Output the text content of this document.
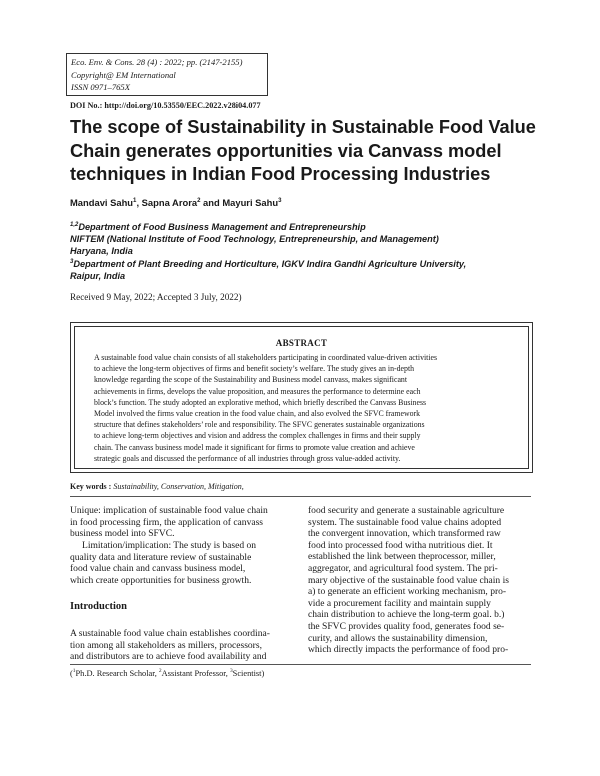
Eco. Env. & Cons. 28 (4) : 2022; pp. (2147-2155)
Copyright@ EM International
ISSN 0971–765X
DOI No.: http://doi.org/10.53550/EEC.2022.v28i04.077
The scope of Sustainability in Sustainable Food Value
Chain generates opportunities via Canvass model
techniques in Indian Food Processing Industries
Mandavi Sahu$^1$, Sapna Arora$^2$ and Mayuri Sahu$^3$
$^{1,2}$Department of Food Business Management and Entrepreneurship
NIFTEM (National Institute of Food Technology, Entrepreneurship, and Management)
Haryana, India
$^3$Department of Plant Breeding and Horticulture, IGKV Indira Gandhi Agriculture University,
Raipur, India
Received 9 May, 2022; Accepted 3 July, 2022)
ABSTRACT
A sustainable food value chain consists of all stakeholders participating in coordinated value-driven activities
to achieve the long-term objectives of firms and benefit society’s welfare. The study gives an in-depth
knowledge regarding the scope of the Sustainability and Business model canvass, makes significant
achievements in firms, develops the value proposition, and measures the performance to determine each
block’s function. The study adopted an explorative method, which briefly described the Canvass Business
Model involved the firms value creation in the food value chain, and also evolved the SFVC framework
structure that defines stakeholders’ role and responsibility. The SFVC generates sustainable organizations
to achieve long-term objectives and vision and address the complex challenges in firms and their supply
chain. The canvass business model made it significant for firms to promote value creation and achieve
strategic goals and discussed the performance of all industries through gross value-added activity.
Key words : Sustainability, Conservation, Mitigation,
Unique: implication of sustainable food value chain
in food processing firm, the application of canvass
business model into SFVC.
Limitation/implication: The study is based on
quality data and literature review of sustainable
food value chain and canvass business model,
which create opportunities for business growth.
Introduction
A sustainable food value chain establishes coordina-
tion among all stakeholders as millers, processors,
and distributors are to achieve food availability and
food security and generate a sustainable agriculture
system. The sustainable food value chains adopted
the convergent innovation, which transformed raw
food into processed food witha nutritious diet. It
established the link between theprocessor, miller,
aggregator, and agricultural food system. The pri-
mary objective of the sustainable food value chain is
a) to generate an efficient working mechanism, pro-
vide a procurement facility and maintain supply
chain distribution to achieve the long-term goal. b.)
the SFVC provides quality food, generates food se-
curity, and allows the sustainability dimension,
which directly impacts the performance of food pro-
($^1$Ph.D. Research Scholar, $^2$Assistant Professor, $^3$Scientist)
